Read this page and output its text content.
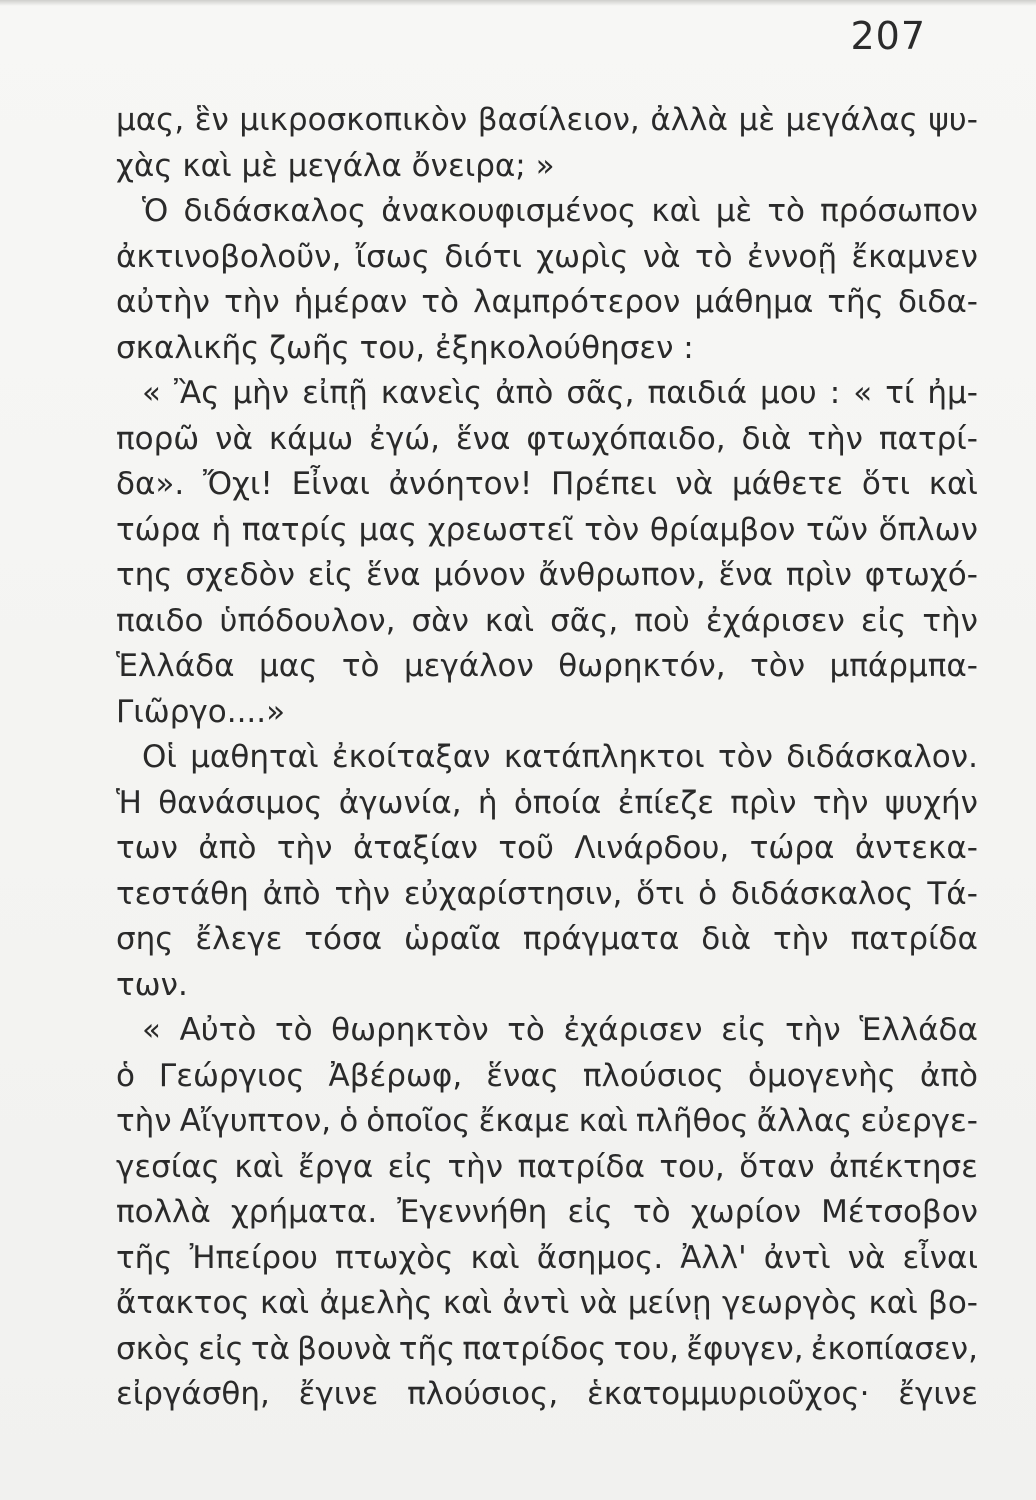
207
μας, ἓν μικροσκοπικὸν βασίλειον, ἀλλὰ μὲ μεγάλας ψυ-
χὰς καὶ μὲ μεγάλα ὄνειρα; »
Ὁ διδάσκαλος ἀνακουφισμένος καὶ μὲ τὸ πρόσωπον
ἀκτινοβολοῦν, ἴσως διότι χωρὶς νὰ τὸ ἐννοῇ ἔκαμνεν
αὐτὴν τὴν ἡμέραν τὸ λαμπρότερον μάθημα τῆς διδα-
σκαλικῆς ζωῆς του, ἐξηκολούθησεν :
« Ἂς μὴν εἰπῇ κανεὶς ἀπὸ σᾶς, παιδιά μου : « τί ἠμ-
πορῶ νὰ κάμω ἐγώ, ἕνα φτωχόπαιδο, διὰ τὴν πατρί-
δα». Ὄχι! Εἶναι ἀνόητον! Πρέπει νὰ μάθετε ὅτι καὶ
τώρα ἡ πατρίς μας χρεωστεῖ τὸν θρίαμβον τῶν ὅπλων
της σχεδὸν εἰς ἕνα μόνον ἄνθρωπον, ἕνα πρὶν φτωχό-
παιδο ὑπόδουλον, σὰν καὶ σᾶς, ποὺ ἐχάρισεν εἰς τὴν
Ἑλλάδα μας τὸ μεγάλον θωρηκτόν, τὸν μπάρμπα-
Γιῶργο....»
Οἱ μαθηταὶ ἐκοίταξαν κατάπληκτοι τὸν διδάσκαλον.
Ἡ θανάσιμος ἀγωνία, ἡ ὁποία ἐπίεζε πρὶν τὴν ψυχήν
των ἀπὸ τὴν ἀταξίαν τοῦ Λινάρδου, τώρα ἀντεκα-
τεστάθη ἀπὸ τὴν εὐχαρίστησιν, ὅτι ὁ διδάσκαλος Τά-
σης ἔλεγε τόσα ὡραῖα πράγματα διὰ τὴν πατρίδα
των.
« Αὐτὸ τὸ θωρηκτὸν τὸ ἐχάρισεν εἰς τὴν Ἑλλάδα
ὁ Γεώργιος Ἀβέρωφ, ἕνας πλούσιος ὁμογενὴς ἀπὸ
τὴν Αἴγυπτον, ὁ ὁποῖος ἔκαμε καὶ πλῆθος ἄλλας εὐεργε-
γεσίας καὶ ἔργα εἰς τὴν πατρίδα του, ὅταν ἀπέκτησε
πολλὰ χρήματα. Ἐγεννήθη εἰς τὸ χωρίον Μέτσοβον
τῆς Ἠπείρου πτωχὸς καὶ ἄσημος. Ἀλλ' ἀντὶ νὰ εἶναι
ἄτακτος καὶ ἀμελὴς καὶ ἀντὶ νὰ μείνῃ γεωργὸς καὶ βο-
σκὸς εἰς τὰ βουνὰ τῆς πατρίδος του, ἔφυγεν, ἐκοπίασεν,
εἰργάσθη, ἔγινε πλούσιος, ἑκατομμυριοῦχος· ἔγινε
